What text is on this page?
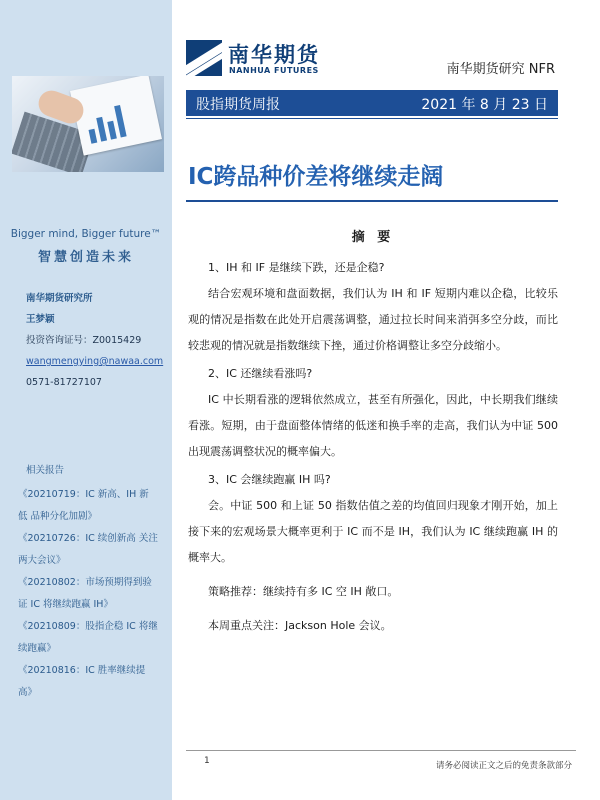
Bigger mind, Bigger future™
智慧创造未来
南华期货研究所
王梦颖
投资咨询证号：Z0015429
wangmengying@nawaa.com
0571-81727107
相关报告
《20210719：IC 新高、IH 新低 品种分化加剧》
《20210726：IC 续创新高 关注两大会议》
《20210802：市场预期得到验证 IC 将继续跑赢 IH》
《20210809：股指企稳 IC 将继续跑赢》
《20210816：IC 胜率继续提高》
南华期货
NANHUA FUTURES	南华期货研究 NFR
股指期货周报	2021 年 8 月 23 日
IC跨品种价差将继续走阔
摘 要
1、IH 和 IF 是继续下跌，还是企稳?
结合宏观环境和盘面数据，我们认为 IH 和 IF 短期内难以企稳，比较乐观的情况是指数在此处开启震荡调整，通过拉长时间来消弭多空分歧，而比较悲观的情况就是指数继续下挫，通过价格调整让多空分歧缩小。
2、IC 还继续看涨吗?
IC 中长期看涨的逻辑依然成立，甚至有所强化，因此，中长期我们继续看涨。短期，由于盘面整体情绪的低迷和换手率的走高，我们认为中证 500 出现震荡调整状况的概率偏大。
3、IC 会继续跑赢 IH 吗?
会。中证 500 和上证 50 指数估值之差的均值回归现象才刚开始，加上接下来的宏观场景大概率更利于 IC 而不是 IH，我们认为 IC 继续跑赢 IH 的概率大。
策略推荐：继续持有多 IC 空 IH 敞口。
本周重点关注：Jackson Hole 会议。
1	请务必阅读正文之后的免责条款部分
